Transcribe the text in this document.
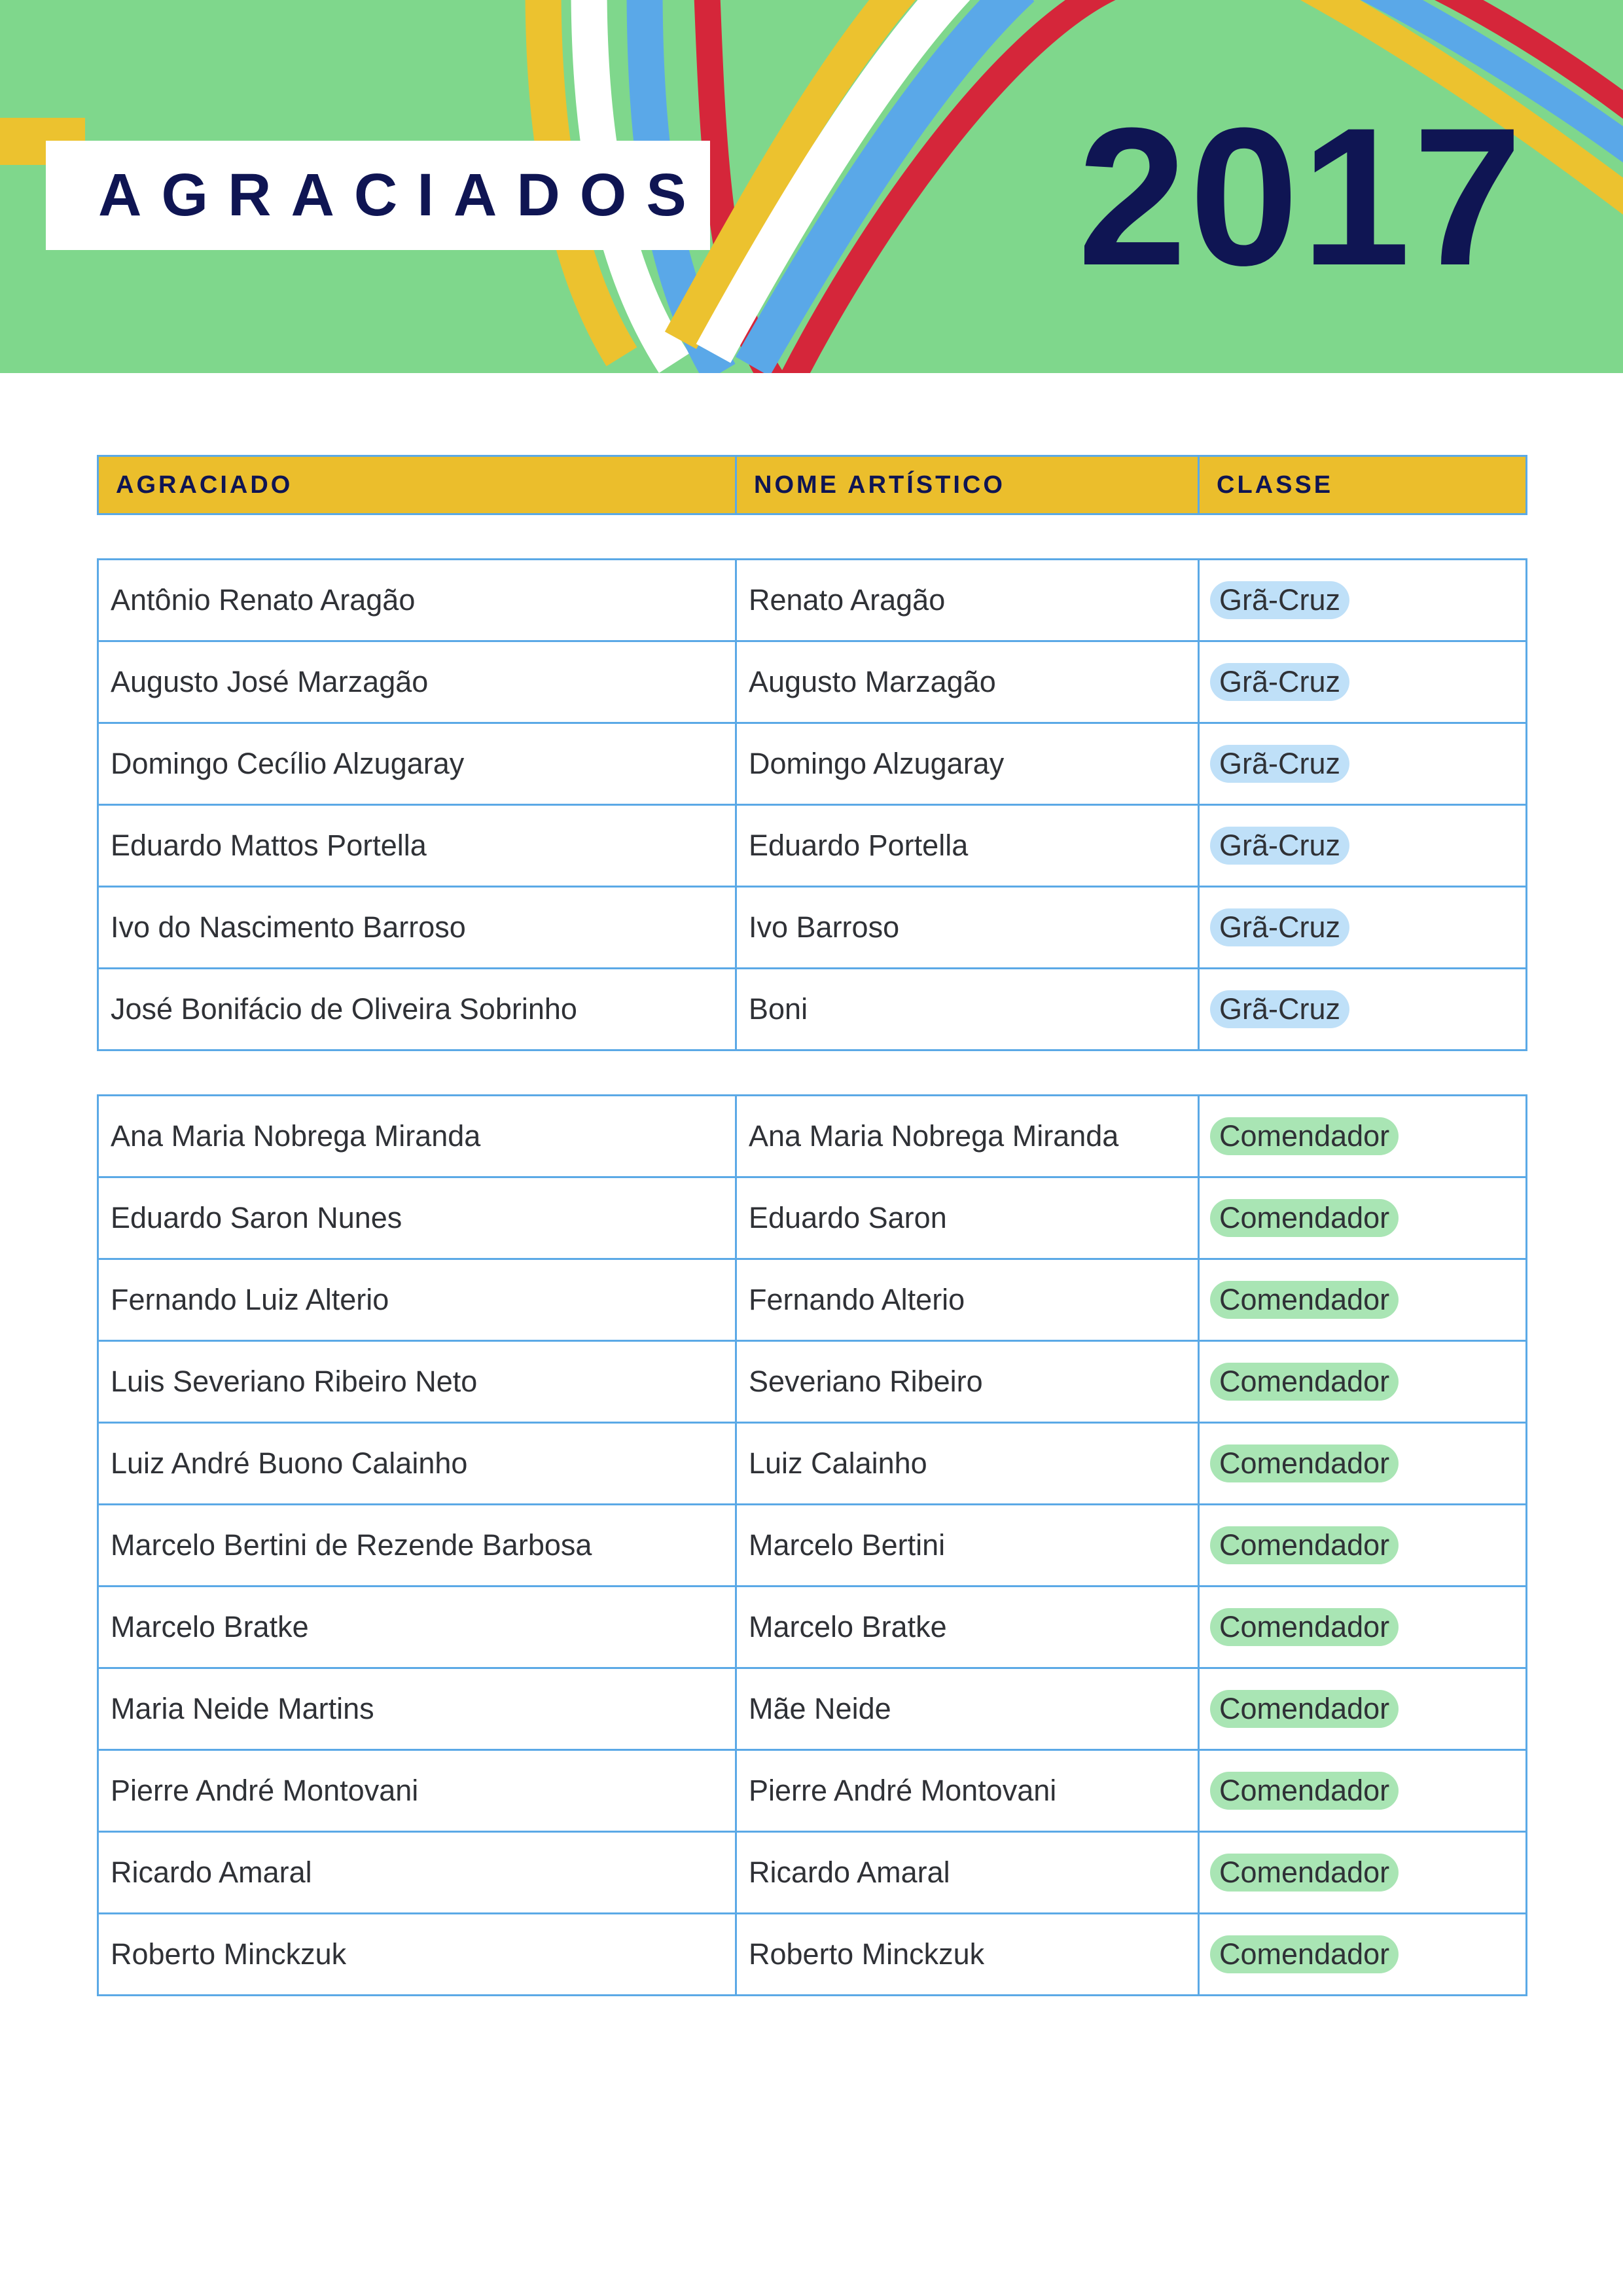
AGRACIADOS 2017
AGRACIADO	NOME ARTÍSTICO	CLASSE
Antônio Renato Aragão	Renato Aragão	Grã-Cruz
Augusto José Marzagão	Augusto Marzagão	Grã-Cruz
Domingo Cecílio Alzugaray	Domingo Alzugaray	Grã-Cruz
Eduardo Mattos Portella	Eduardo Portella	Grã-Cruz
Ivo do Nascimento Barroso	Ivo Barroso	Grã-Cruz
José Bonifácio de Oliveira Sobrinho	Boni	Grã-Cruz
Ana Maria Nobrega Miranda	Ana Maria Nobrega Miranda	Comendador
Eduardo Saron Nunes	Eduardo Saron	Comendador
Fernando Luiz Alterio	Fernando Alterio	Comendador
Luis Severiano Ribeiro Neto	Severiano Ribeiro	Comendador
Luiz André Buono Calainho	Luiz Calainho	Comendador
Marcelo Bertini de Rezende Barbosa	Marcelo Bertini	Comendador
Marcelo Bratke	Marcelo Bratke	Comendador
Maria Neide Martins	Mãe Neide	Comendador
Pierre André Montovani	Pierre André Montovani	Comendador
Ricardo Amaral	Ricardo Amaral	Comendador
Roberto Minckzuk	Roberto Minckzuk	Comendador
